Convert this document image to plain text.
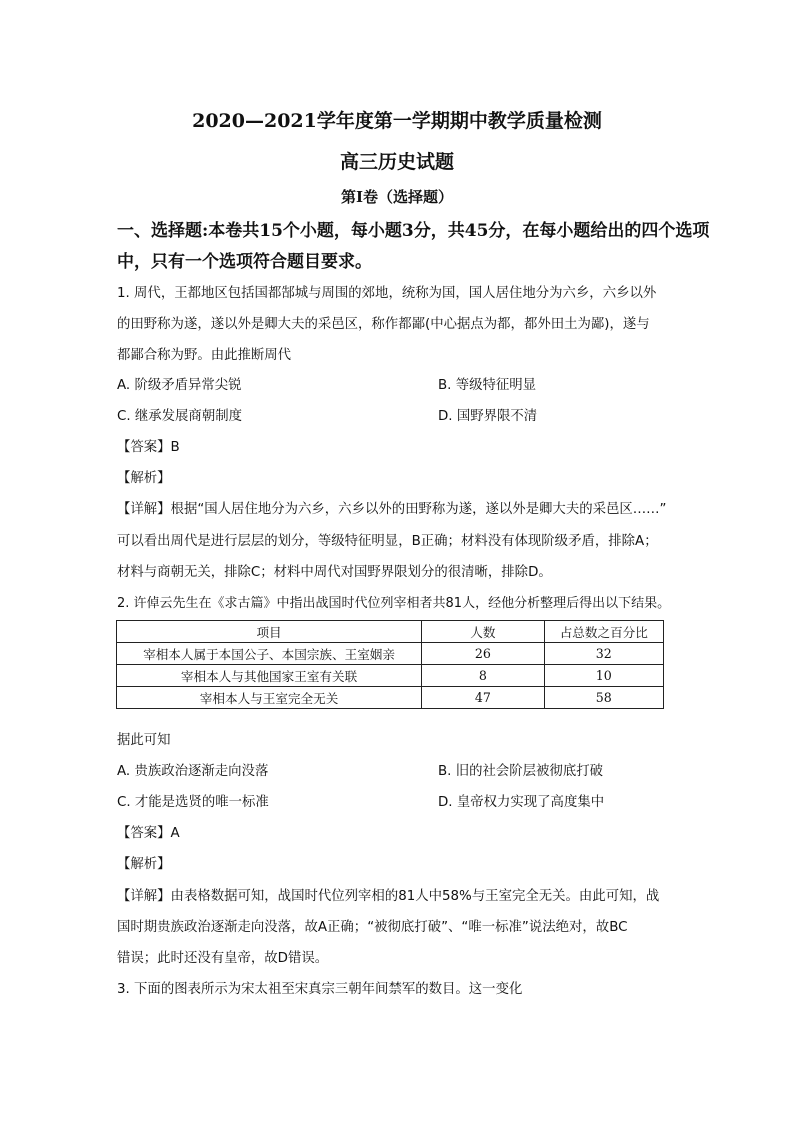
2020—2021学年度第一学期期中教学质量检测
高三历史试题
第Ⅰ卷（选择题）
一、选择题:本卷共15个小题，每小题3分，共45分，在每小题给出的四个选项
中，只有一个选项符合题目要求。
1. 周代，王都地区包括国都郜城与周围的郊地，统称为国，国人居住地分为六乡，六乡以外
的田野称为遂，遂以外是卿大夫的采邑区，称作都鄙(中心据点为都，都外田土为鄙)，遂与
都鄙合称为野。由此推断周代
A. 阶级矛盾异常尖锐	B. 等级特征明显
C. 继承发展商朝制度	D. 国野界限不清
【答案】B
【解析】
【详解】根据“国人居住地分为六乡，六乡以外的田野称为遂，遂以外是卿大夫的采邑区……”
可以看出周代是进行层层的划分，等级特征明显，B正确；材料没有体现阶级矛盾，排除A；
材料与商朝无关，排除C；材料中周代对国野界限划分的很清晰，排除D。
2. 许倬云先生在《求古篇》中指出战国时代位列宰相者共81人，经他分析整理后得出以下结果。
项目	人数	占总数之百分比
宰相本人属于本国公子、本国宗族、王室姻亲	26	32
宰相本人与其他国家王室有关联	8	10
宰相本人与王室完全无关	47	58
据此可知
A. 贵族政治逐渐走向没落	B. 旧的社会阶层被彻底打破
C. 才能是选贤的唯一标准	D. 皇帝权力实现了高度集中
【答案】A
【解析】
【详解】由表格数据可知，战国时代位列宰相的81人中58%与王室完全无关。由此可知，战
国时期贵族政治逐渐走向没落，故A正确；“被彻底打破”、“唯一标准”说法绝对，故BC
错误；此时还没有皇帝，故D错误。
3. 下面的图表所示为宋太祖至宋真宗三朝年间禁军的数目。这一变化
